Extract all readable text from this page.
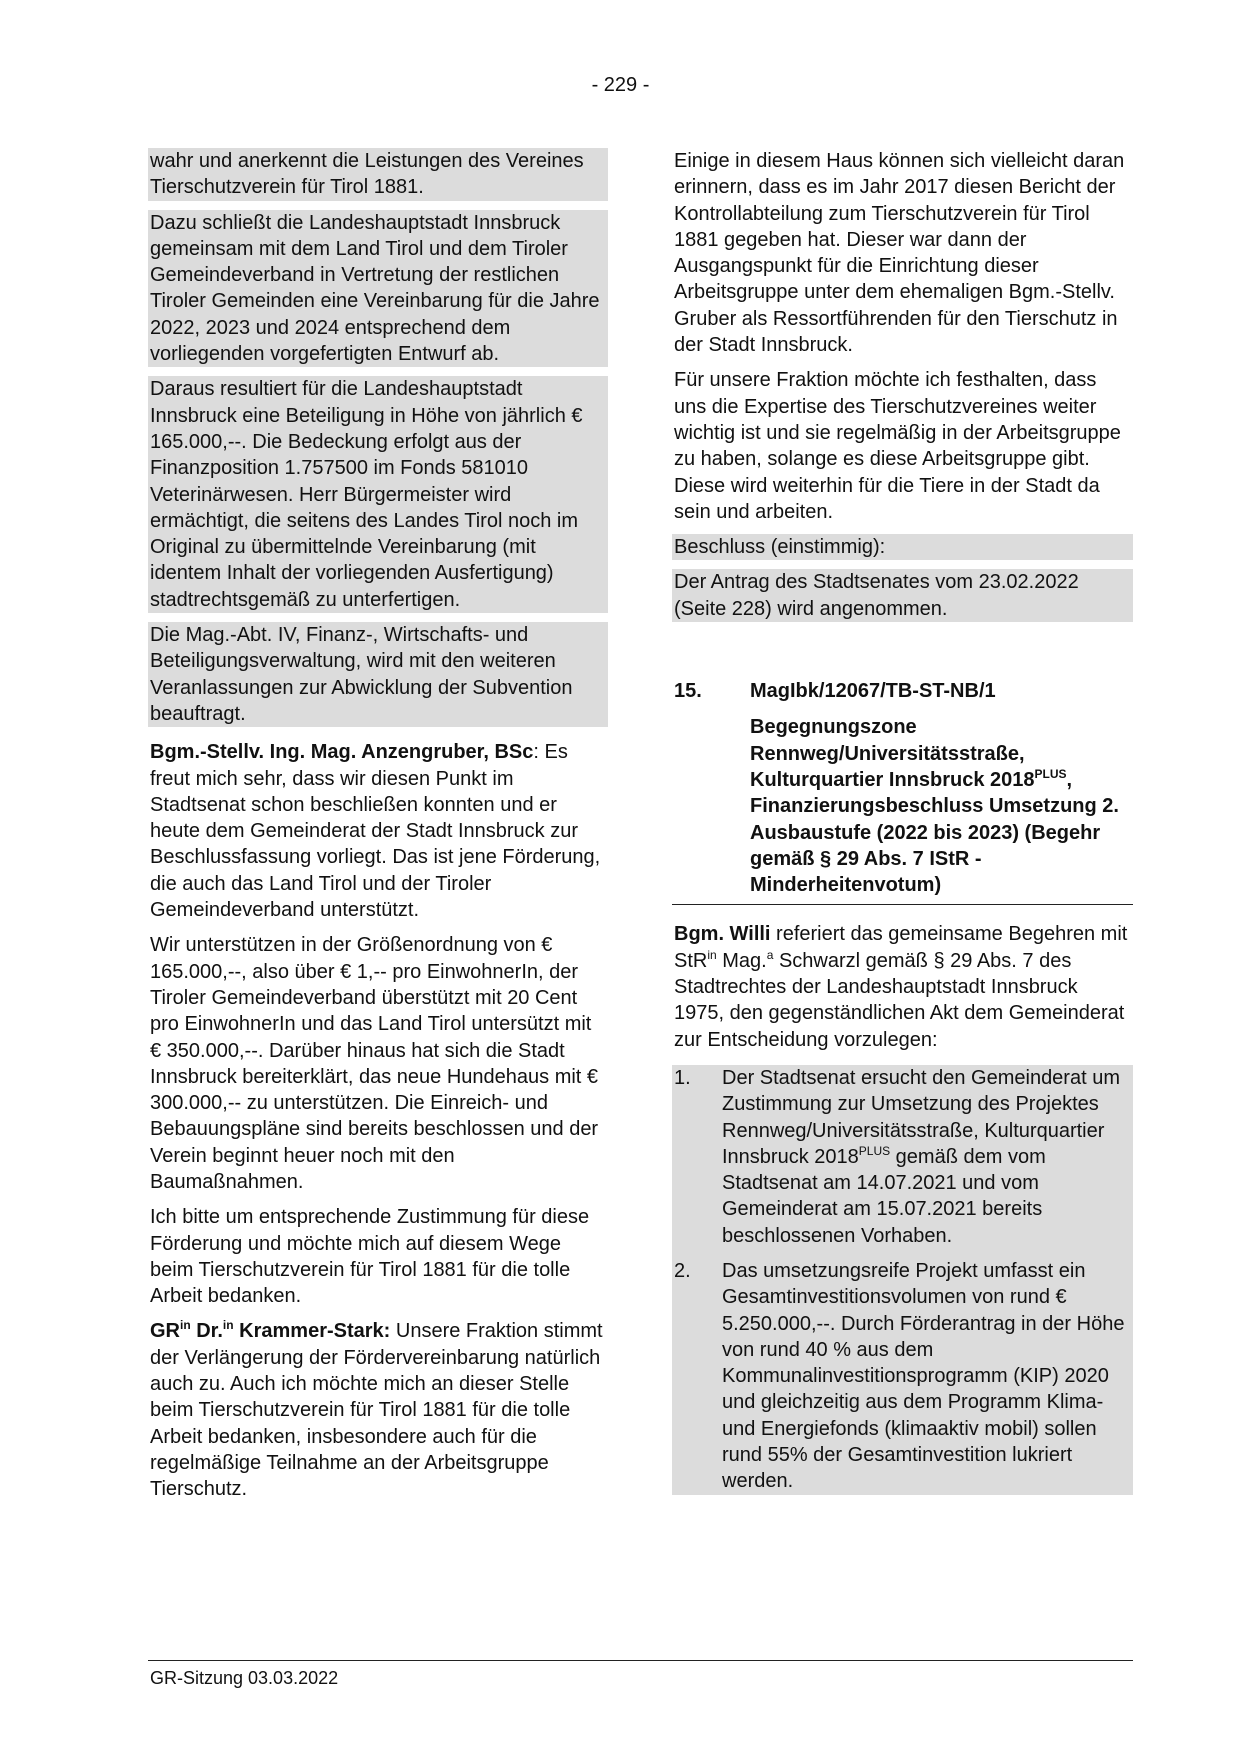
- 229 -

wahr und anerkennt die Leistungen des Vereines Tierschutzverein für Tirol 1881.

Dazu schließt die Landeshauptstadt Innsbruck gemeinsam mit dem Land Tirol und dem Tiroler Gemeindeverband in Vertretung der restlichen Tiroler Gemeinden eine Vereinbarung für die Jahre 2022, 2023 und 2024 entsprechend dem vorliegenden vorgefertigten Entwurf ab.

Daraus resultiert für die Landeshauptstadt Innsbruck eine Beteiligung in Höhe von jährlich € 165.000,--. Die Bedeckung erfolgt aus der Finanzposition 1.757500 im Fonds 581010 Veterinärwesen. Herr Bürgermeister wird ermächtigt, die seitens des Landes Tirol noch im Original zu übermittelnde Vereinbarung (mit identem Inhalt der vorliegenden Ausfertigung) stadtrechtsgemäß zu unterfertigen.

Die Mag.-Abt. IV, Finanz-, Wirtschafts- und Beteiligungsverwaltung, wird mit den weiteren Veranlassungen zur Abwicklung der Subvention beauftragt.

Bgm.-Stellv. Ing. Mag. Anzengruber, BSc: Es freut mich sehr, dass wir diesen Punkt im Stadtsenat schon beschließen konnten und er heute dem Gemeinderat der Stadt Innsbruck zur Beschlussfassung vorliegt. Das ist jene Förderung, die auch das Land Tirol und der Tiroler Gemeindeverband unterstützt.

Wir unterstützen in der Größenordnung von € 165.000,--, also über € 1,-- pro EinwohnerIn, der Tiroler Gemeindeverband überstützt mit 20 Cent pro EinwohnerIn und das Land Tirol untersützt mit € 350.000,--. Darüber hinaus hat sich die Stadt Innsbruck bereiterklärt, das neue Hundehaus mit € 300.000,-- zu unterstützen. Die Einreich- und Bebauungspläne sind bereits beschlossen und der Verein beginnt heuer noch mit den Baumaßnahmen.

Ich bitte um entsprechende Zustimmung für diese Förderung und möchte mich auf diesem Wege beim Tierschutzverein für Tirol 1881 für die tolle Arbeit bedanken.

$GR^{in}$ Dr.$^{in}$ Krammer-Stark: Unsere Fraktion stimmt der Verlängerung der Fördervereinbarung natürlich auch zu. Auch ich möchte mich an dieser Stelle beim Tierschutzverein für Tirol 1881 für die tolle Arbeit bedanken, insbesondere auch für die regelmäßige Teilnahme an der Arbeitsgruppe Tierschutz.

Einige in diesem Haus können sich vielleicht daran erinnern, dass es im Jahr 2017 diesen Bericht der Kontrollabteilung zum Tierschutzverein für Tirol 1881 gegeben hat. Dieser war dann der Ausgangspunkt für die Einrichtung dieser Arbeitsgruppe unter dem ehemaligen Bgm.-Stellv. Gruber als Ressortführenden für den Tierschutz in der Stadt Innsbruck.

Für unsere Fraktion möchte ich festhalten, dass uns die Expertise des Tierschutzvereines weiter wichtig ist und sie regelmäßig in der Arbeitsgruppe zu haben, solange es diese Arbeitsgruppe gibt. Diese wird weiterhin für die Tiere in der Stadt da sein und arbeiten.

Beschluss (einstimmig):

Der Antrag des Stadtsenates vom 23.02.2022 (Seite 228) wird angenommen.

15.	MagIbk/12067/TB-ST-NB/1
Begegnungszone Rennweg/Universitätsstraße, Kulturquartier Innsbruck $2018^{PLUS}$, Finanzierungsbeschluss Umsetzung 2. Ausbaustufe (2022 bis 2023) (Begehr gemäß § 29 Abs. 7 IStR - Minderheitenvotum)

Bgm. Willi referiert das gemeinsame Begehren mit StR$^{in}$ Mag.$^a$ Schwarzl gemäß § 29 Abs. 7 des Stadtrechtes der Landeshauptstadt Innsbruck 1975, den gegenständlichen Akt dem Gemeinderat zur Entscheidung vorzulegen:

1.	Der Stadtsenat ersucht den Gemeinderat um Zustimmung zur Umsetzung des Projektes Rennweg/Universitätsstraße, Kulturquartier Innsbruck $2018^{PLUS}$ gemäß dem vom Stadtsenat am 14.07.2021 und vom Gemeinderat am 15.07.2021 bereits beschlossenen Vorhaben.
2.	Das umsetzungsreife Projekt umfasst ein Gesamtinvestitionsvolumen von rund € 5.250.000,--. Durch Förderantrag in der Höhe von rund 40 % aus dem Kommunalinvestitionsprogramm (KIP) 2020 und gleichzeitig aus dem Programm Klima- und Energiefonds (klimaaktiv mobil) sollen rund 55% der Gesamtinvestition lukriert werden.
GR-Sitzung 03.03.2022
